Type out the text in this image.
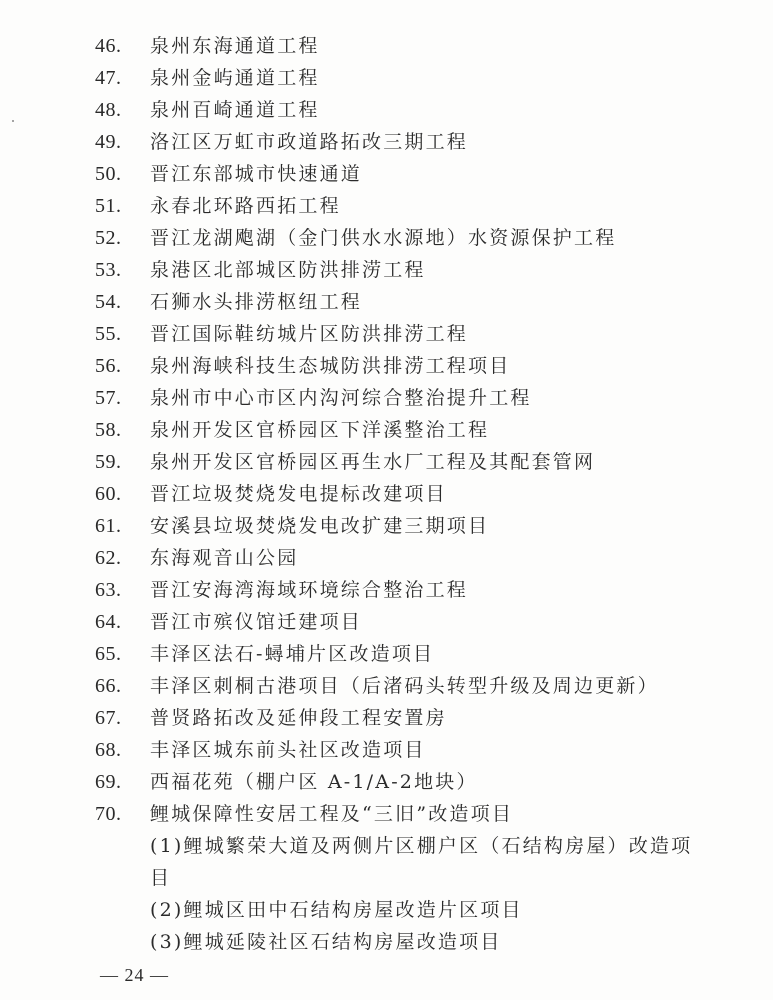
46.	泉州东海通道工程
47.	泉州金屿通道工程
48.	泉州百崎通道工程
49.	洛江区万虹市政道路拓改三期工程
50.	晋江东部城市快速通道
51.	永春北环路西拓工程
52.	晋江龙湖飑湖（金门供水水源地）水资源保护工程
53.	泉港区北部城区防洪排涝工程
54.	石狮水头排涝枢纽工程
55.	晋江国际鞋纺城片区防洪排涝工程
56.	泉州海峡科技生态城防洪排涝工程项目
57.	泉州市中心市区内沟河综合整治提升工程
58.	泉州开发区官桥园区下洋溪整治工程
59.	泉州开发区官桥园区再生水厂工程及其配套管网
60.	晋江垃圾焚烧发电提标改建项目
61.	安溪县垃圾焚烧发电改扩建三期项目
62.	东海观音山公园
63.	晋江安海湾海域环境综合整治工程
64.	晋江市殡仪馆迁建项目
65.	丰泽区法石-蟳埔片区改造项目
66.	丰泽区刺桐古港项目（后渚码头转型升级及周边更新）
67.	普贤路拓改及延伸段工程安置房
68.	丰泽区城东前头社区改造项目
69.	西福花苑（棚户区 A-1/A-2地块）
70.	鲤城保障性安居工程及“三旧”改造项目
(1)鲤城繁荣大道及两侧片区棚户区（石结构房屋）改造项
目
(2)鲤城区田中石结构房屋改造片区项目
(3)鲤城延陵社区石结构房屋改造项目
— 24 —
